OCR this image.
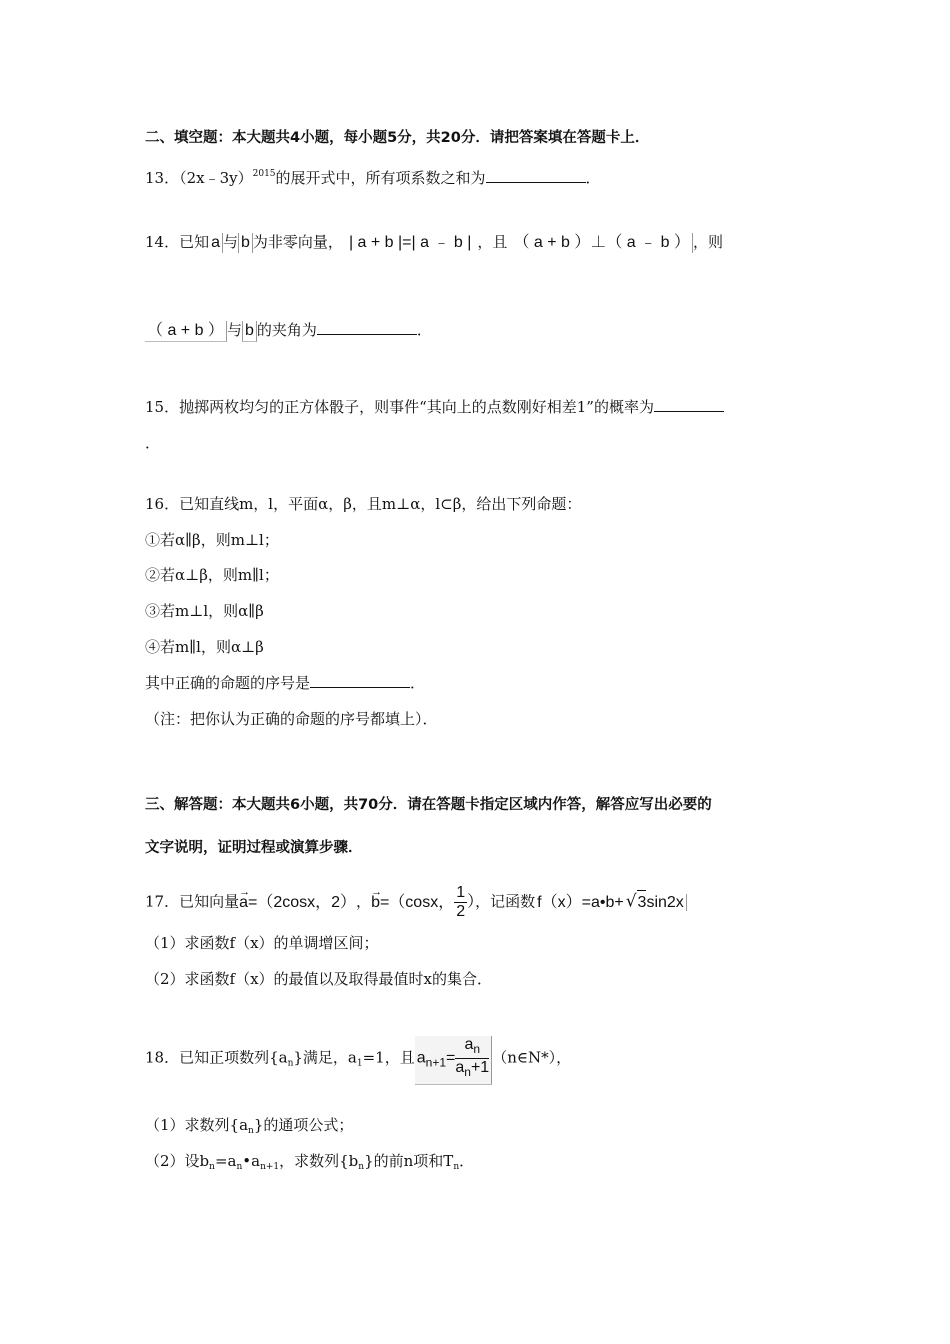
二、填空题：本大题共4小题，每小题5分，共20分．请把答案填在答题卡上．
13．（2x﹣3y）$^{2015}$的展开式中，所有项系数之和为	．
14．已知 a 与 b 为非零向量， | a + b |=| a ﹣ b | ，且 （ a + b ）⊥（ a ﹣ b ） ，则
（ a + b ） 与 b 的夹角为	．
15．抛掷两枚均匀的正方体骰子，则事件“其向上的点数刚好相差1”的概率为
．
16．已知直线m，l，平面α，β，且m⊥α，l⊂β，给出下列命题：
①若α∥β，则m⊥l；
②若α⊥β，则m∥l；
③若m⊥l，则α∥β
④若m∥l，则α⊥β
其中正确的命题的序号是	．
（注：把你认为正确的命题的序号都填上）．
三、解答题：本大题共6小题，共70分．请在答题卡指定区域内作答，解答应写出必要的
文字说明，证明过程或演算步骤．
17．已知向量→ a=（2cosx，2），→ b=（cosx， $\frac{1}{2}$ ），记函数 f（x）=a•b+ √3sin2x
（1）求函数f（x）的单调增区间；
（2）求函数f（x）的最值以及取得最值时x的集合．
18．已知正项数列$\{a_n\}$满足，$a_1=1$，且 $a_{n+1}= \frac{a_n}{a_n+1}$ （n∈N*），
（1）求数列$\{a_n\}$的通项公式；
（2）设$b_n=a_n•a_{n+1}$，求数列$\{b_n\}$的前n项和$T_n$．
